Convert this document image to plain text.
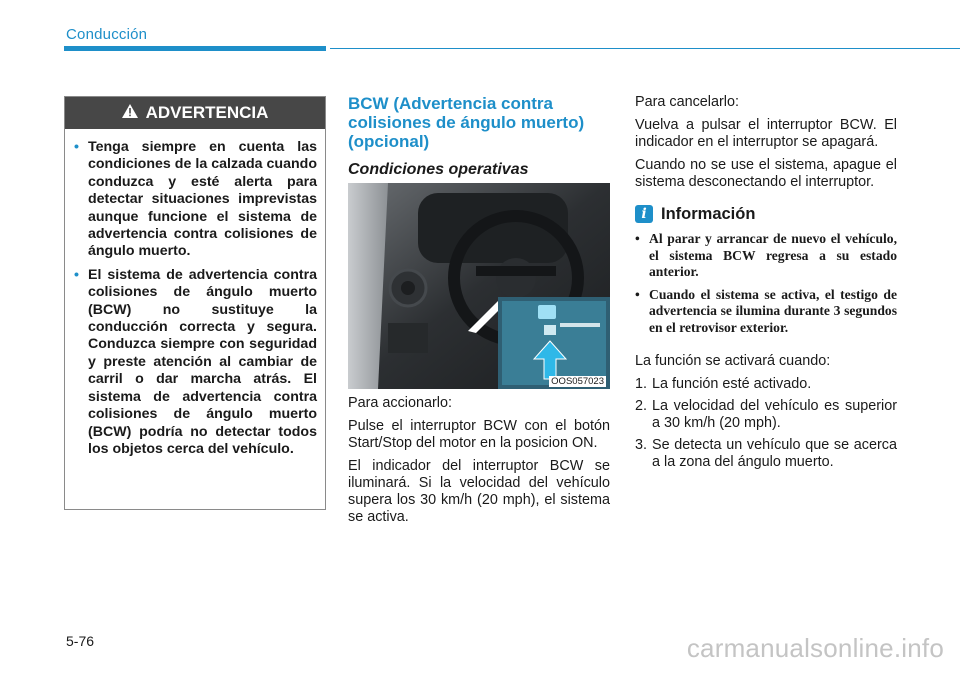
Conducción
ADVERTENCIA
• Tenga siempre en cuenta las condiciones de la calzada cuando conduzca y esté alerta para detectar situaciones imprevistas aunque funcione el sistema de advertencia contra colisiones de ángulo muerto.
• El sistema de advertencia contra colisiones de ángulo muerto (BCW) no sustituye la conducción correcta y segura. Conduzca siempre con seguridad y preste atención al cambiar de carril o dar marcha atrás. El sistema de advertencia contra colisiones de ángulo muerto (BCW) podría no detectar todos los objetos cerca del vehículo.
BCW (Advertencia contra colisiones de ángulo muerto) (opcional)
Condiciones operativas
OOS057023

Para accionarlo:

Pulse el interruptor BCW con el botón Start/Stop del motor en la posicion ON.

El indicador del interruptor BCW se iluminará. Si la velocidad del vehículo supera los 30 km/h (20 mph), el sistema se activa.

Para cancelarlo:

Vuelva a pulsar el interruptor BCW. El indicador en el interruptor se apagará.

Cuando no se use el sistema, apague el sistema desconectando el interruptor.

i Información
• Al parar y arrancar de nuevo el vehículo, el sistema BCW regresa a su estado anterior.
• Cuando el sistema se activa, el testigo de advertencia se ilumina durante 3 segundos en el retrovisor exterior.

La función se activará cuando:

1. La función esté activado.
2. La velocidad del vehículo es superior a 30 km/h (20 mph).
3. Se detecta un vehículo que se acerca a la zona del ángulo muerto.
5-76	carmanualsonline.info
